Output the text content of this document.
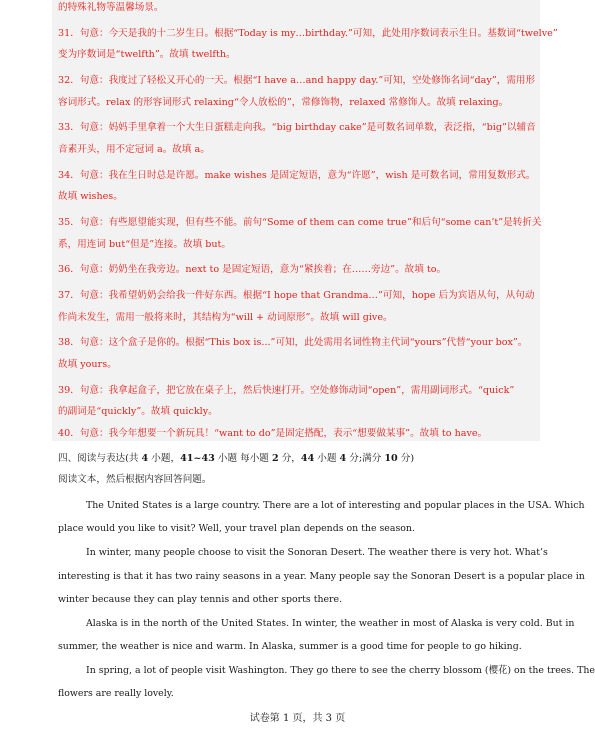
的特殊礼物等温馨场景。
31．句意：今天是我的十二岁生日。根据“Today is my…birthday.”可知，此处用序数词表示生日。基数词“twelve”
变为序数词是“twelfth”。故填 twelfth。
32．句意：我度过了轻松又开心的一天。根据“I have a…and happy day.”可知，空处修饰名词“day”，需用形
容词形式。relax 的形容词形式 relaxing“令人放松的”，常修饰物，relaxed 常修饰人。故填 relaxing。
33．句意：妈妈手里拿着一个大生日蛋糕走向我。“big birthday cake”是可数名词单数，表泛指，“big”以辅音
音素开头，用不定冠词 a。故填 a。
34．句意：我在生日时总是许愿。make wishes 是固定短语，意为“许愿”，wish 是可数名词，常用复数形式。
故填 wishes。
35．句意：有些愿望能实现，但有些不能。前句“Some of them can come true”和后句“some can’t”是转折关
系，用连词 but“但是”连接。故填 but。
36．句意：奶奶坐在我旁边。next to 是固定短语，意为“紧挨着；在……旁边”。故填 to。
37．句意：我希望奶奶会给我一件好东西。根据“I hope that Grandma…”可知，hope 后为宾语从句，从句动
作尚未发生，需用一般将来时，其结构为“will + 动词原形”。故填 will give。
38．句意：这个盒子是你的。根据“This box is...”可知，此处需用名词性物主代词“yours”代替“your box”。
故填 yours。
39．句意：我拿起盒子，把它放在桌子上，然后快速打开。空处修饰动词“open”，需用副词形式。“quick”
的副词是“quickly”。故填 quickly。
40．句意：我今年想要一个新玩具！“want to do”是固定搭配，表示“想要做某事”。故填 to have。
四、阅读与表达(共 4 小题，41~43 小题 每小题 2 分，44 小题 4 分;满分 10 分)
阅读文本，然后根据内容回答问题。
The United States is a large country. There are a lot of interesting and popular places in the USA. Which
place would you like to visit? Well, your travel plan depends on the season.
In winter, many people choose to visit the Sonoran Desert. The weather there is very hot. What’s
interesting is that it has two rainy seasons in a year. Many people say the Sonoran Desert is a popular place in
winter because they can play tennis and other sports there.
Alaska is in the north of the United States. In winter, the weather in most of Alaska is very cold. But in
summer, the weather is nice and warm. In Alaska, summer is a good time for people to go hiking.
In spring, a lot of people visit Washington. They go there to see the cherry blossom (樱花) on the trees. The
flowers are really lovely.
试卷第 1 页，共 3 页
